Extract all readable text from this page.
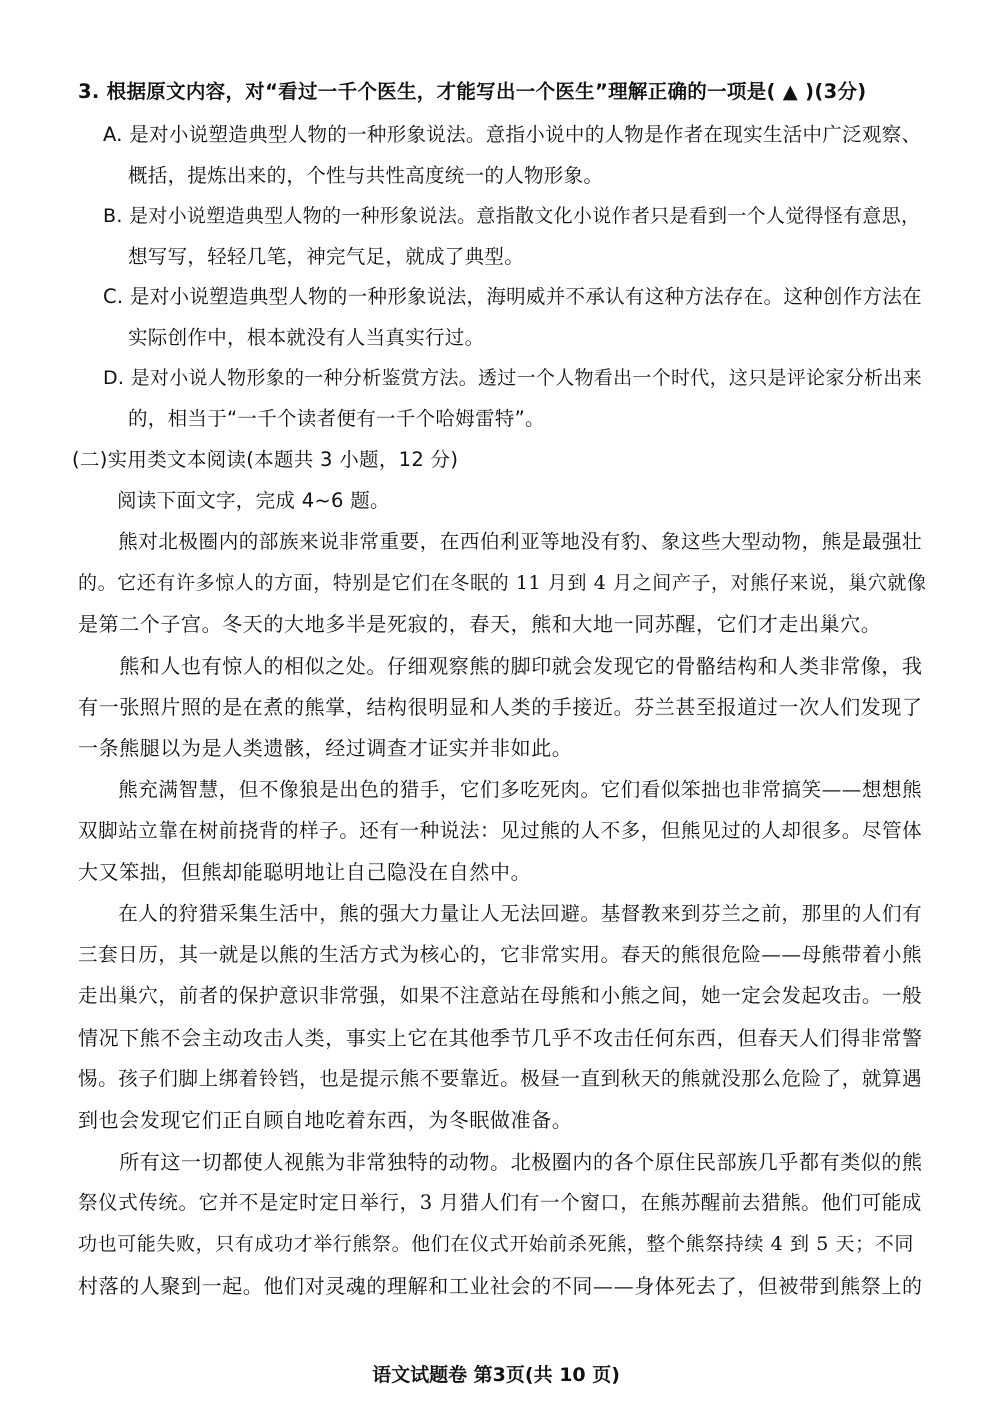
3. 根据原文内容，对“看过一千个医生，才能写出一个医生”理解正确的一项是( ▲ )(3分)
A. 是对小说塑造典型人物的一种形象说法。意指小说中的人物是作者在现实生活中广泛观察、
概括，提炼出来的，个性与共性高度统一的人物形象。
B. 是对小说塑造典型人物的一种形象说法。意指散文化小说作者只是看到一个人觉得怪有意思，
想写写，轻轻几笔，神完气足，就成了典型。
C. 是对小说塑造典型人物的一种形象说法，海明威并不承认有这种方法存在。这种创作方法在
实际创作中，根本就没有人当真实行过。
D. 是对小说人物形象的一种分析鉴赏方法。透过一个人物看出一个时代，这只是评论家分析出来
的，相当于“一千个读者便有一千个哈姆雷特”。
(二)实用类文本阅读(本题共 3 小题，12 分)
阅读下面文字，完成 4~6 题。
　　熊对北极圈内的部族来说非常重要，在西伯利亚等地没有豹、象这些大型动物，熊是最强壮
的。它还有许多惊人的方面，特别是它们在冬眠的 11 月到 4 月之间产子，对熊仔来说，巢穴就像
是第二个子宫。冬天的大地多半是死寂的，春天，熊和大地一同苏醒，它们才走出巢穴。
　　熊和人也有惊人的相似之处。仔细观察熊的脚印就会发现它的骨骼结构和人类非常像，我
有一张照片照的是在煮的熊掌，结构很明显和人类的手接近。芬兰甚至报道过一次人们发现了
一条熊腿以为是人类遗骸，经过调查才证实并非如此。
　　熊充满智慧，但不像狼是出色的猎手，它们多吃死肉。它们看似笨拙也非常搞笑——想想熊
双脚站立靠在树前挠背的样子。还有一种说法：见过熊的人不多，但熊见过的人却很多。尽管体
大又笨拙，但熊却能聪明地让自己隐没在自然中。
　　在人的狩猎采集生活中，熊的强大力量让人无法回避。基督教来到芬兰之前，那里的人们有
三套日历，其一就是以熊的生活方式为核心的，它非常实用。春天的熊很危险——母熊带着小熊
走出巢穴，前者的保护意识非常强，如果不注意站在母熊和小熊之间，她一定会发起攻击。一般
情况下熊不会主动攻击人类，事实上它在其他季节几乎不攻击任何东西，但春天人们得非常警
惕。孩子们脚上绑着铃铛，也是提示熊不要靠近。极昼一直到秋天的熊就没那么危险了，就算遇
到也会发现它们正自顾自地吃着东西，为冬眠做准备。
　　所有这一切都使人视熊为非常独特的动物。北极圈内的各个原住民部族几乎都有类似的熊
祭仪式传统。它并不是定时定日举行，3 月猎人们有一个窗口，在熊苏醒前去猎熊。他们可能成
功也可能失败，只有成功才举行熊祭。他们在仪式开始前杀死熊，整个熊祭持续 4 到 5 天；不同
村落的人聚到一起。他们对灵魂的理解和工业社会的不同——身体死去了，但被带到熊祭上的
语文试题卷 第3页(共 10 页)
